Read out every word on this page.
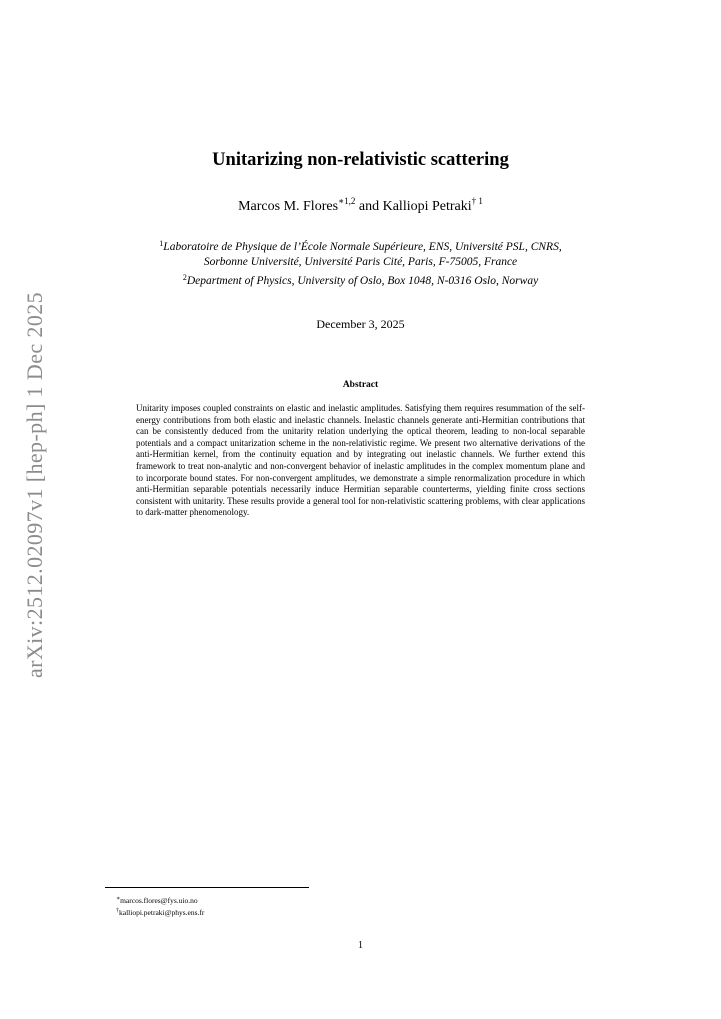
arXiv:2512.02097v1 [hep-ph] 1 Dec 2025
Unitarizing non-relativistic scattering
Marcos M. Flores$^{∗1,2}$ and Kalliopi Petraki$^{\dagger 1}$
$^1$Laboratoire de Physique de l’École Normale Supérieure, ENS, Université PSL, CNRS,
Sorbonne Université, Université Paris Cité, Paris, F-75005, France
$^2$Department of Physics, University of Oslo, Box 1048, N-0316 Oslo, Norway
December 3, 2025
Abstract
Unitarity imposes coupled constraints on elastic and inelastic amplitudes. Satisfying them requires resummation of the self-energy contributions from both elastic and inelastic channels. Inelastic channels generate anti-Hermitian contributions that can be consistently deduced from the unitarity relation underlying the optical theorem, leading to non-local separable potentials and a compact unitarization scheme in the non-relativistic regime. We present two alternative derivations of the anti-Hermitian kernel, from the continuity equation and by integrating out inelastic channels. We further extend this framework to treat non-analytic and non-convergent behavior of inelastic amplitudes in the complex momentum plane and to incorporate bound states. For non-convergent amplitudes, we demonstrate a simple renormalization procedure in which anti-Hermitian separable potentials necessarily induce Hermitian separable counterterms, yielding finite cross sections consistent with unitarity. These results provide a general tool for non-relativistic scattering problems, with clear applications to dark-matter phenomenology.
∗marcos.flores@fys.uio.no
†kalliopi.petraki@phys.ens.fr
1
